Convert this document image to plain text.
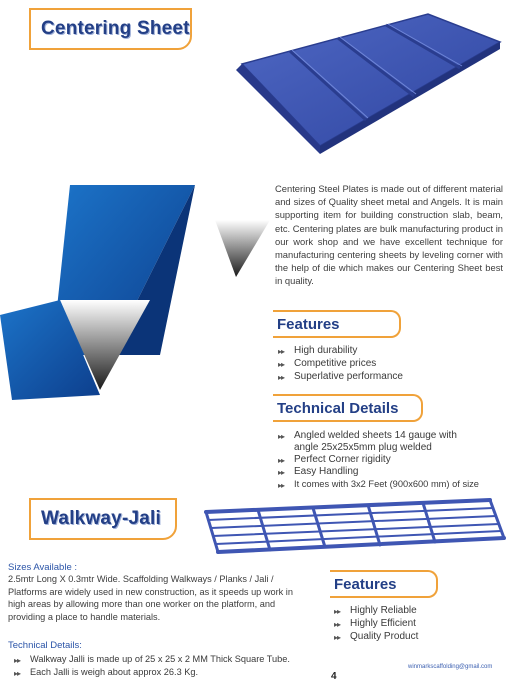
Centering Sheet

Centering Steel Plates is made out of different material and sizes of Quality sheet metal and Angels. It is main supporting item for building construction slab, beam, etc. Centering plates are bulk manufacturing product in our work shop and we have excellent technique for manufacturing centering sheets by leveling corner with the help of die which makes our Centering Sheet best in quality.

Features
▸▸ High durability
▸▸ Competitive prices
▸▸ Superlative performance
Technical Details
▸▸ Angled welded sheets 14 gauge with angle 25x25x5mm plug welded
▸▸ Perfect Corner rigidity
▸▸ Easy Handling
▸▸	It comes with 3x2 Feet (900x600 mm) of size
Walkway-Jali
Sizes Available :

2.5mtr Long X 0.3mtr Wide. Scaffolding Walkways / Planks / Jali / Platforms are widely used in new construction, as it speeds up work in high areas by allowing more than one worker on the platform, and providing a place to handle materials.

Features
▸▸ Highly Reliable
▸▸ Highly Efficient
▸▸ Quality Product
Technical Details:
▸▸	Walkway Jalli is made up of 25 x 25 x 2 MM Thick Square Tube.
▸▸	Each Jalli is weigh about approx 26.3 Kg.	winmarkscaffolding@gmail.com
4
